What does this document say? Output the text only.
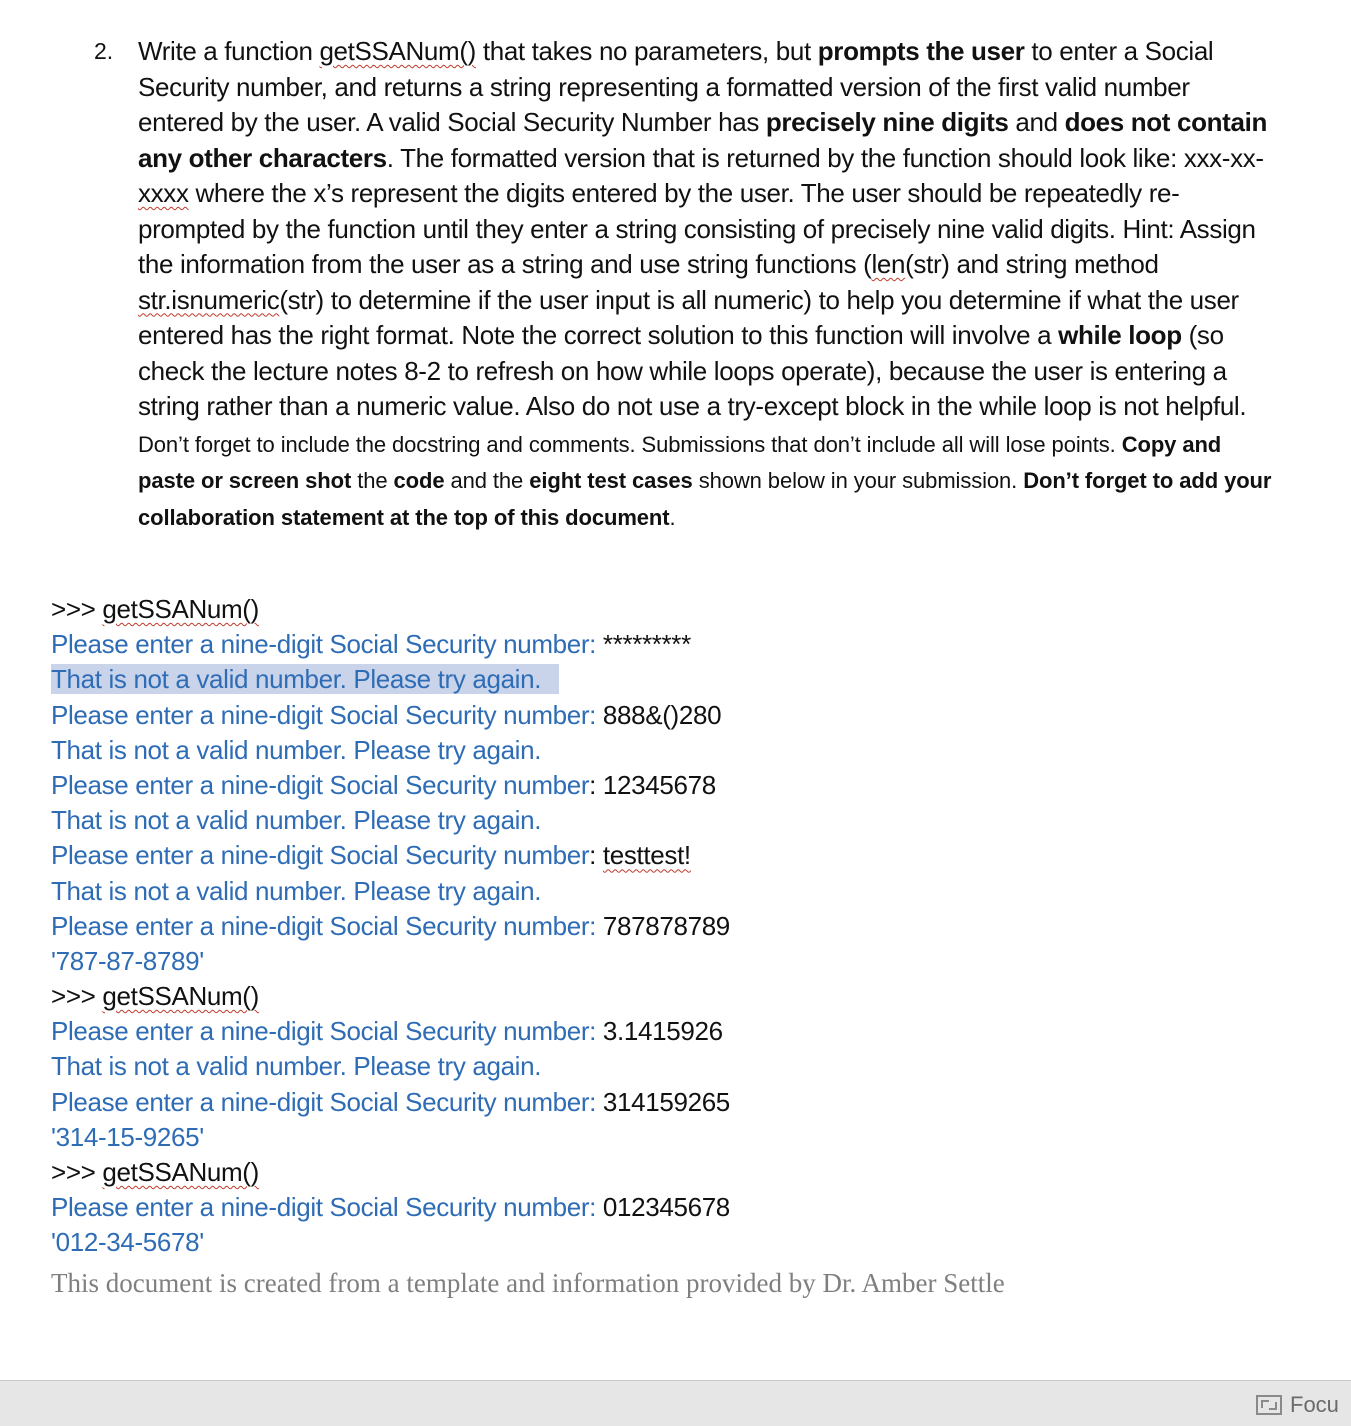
2. Write a function getSSANum() that takes no parameters, but prompts the user to enter a Social Security number, and returns a string representing a formatted version of the first valid number entered by the user. A valid Social Security Number has precisely nine digits and does not contain any other characters. The formatted version that is returned by the function should look like: xxx-xx-xxxx where the x’s represent the digits entered by the user. The user should be repeatedly re-prompted by the function until they enter a string consisting of precisely nine valid digits. Hint: Assign the information from the user as a string and use string functions (len(str) and string method str.isnumeric(str) to determine if the user input is all numeric) to help you determine if what the user entered has the right format. Note the correct solution to this function will involve a while loop (so check the lecture notes 8-2 to refresh on how while loops operate), because the user is entering a string rather than a numeric value. Also do not use a try-except block in the while loop is not helpful. Don’t forget to include the docstring and comments. Submissions that don’t include all will lose points. Copy and paste or screen shot the code and the eight test cases shown below in your submission. Don’t forget to add your collaboration statement at the top of this document.
>>> getSSANum()
Please enter a nine-digit Social Security number: *********
That is not a valid number. Please try again.
Please enter a nine-digit Social Security number: 888&()280
That is not a valid number. Please try again.
Please enter a nine-digit Social Security number: 12345678
That is not a valid number. Please try again.
Please enter a nine-digit Social Security number: testtest!
That is not a valid number. Please try again.
Please enter a nine-digit Social Security number: 787878789
'787-87-8789'
>>> getSSANum()
Please enter a nine-digit Social Security number: 3.1415926
That is not a valid number. Please try again.
Please enter a nine-digit Social Security number: 314159265
'314-15-9265'
>>> getSSANum()
Please enter a nine-digit Social Security number: 012345678
'012-34-5678'
This document is created from a template and information provided by Dr. Amber Settle
Focu
